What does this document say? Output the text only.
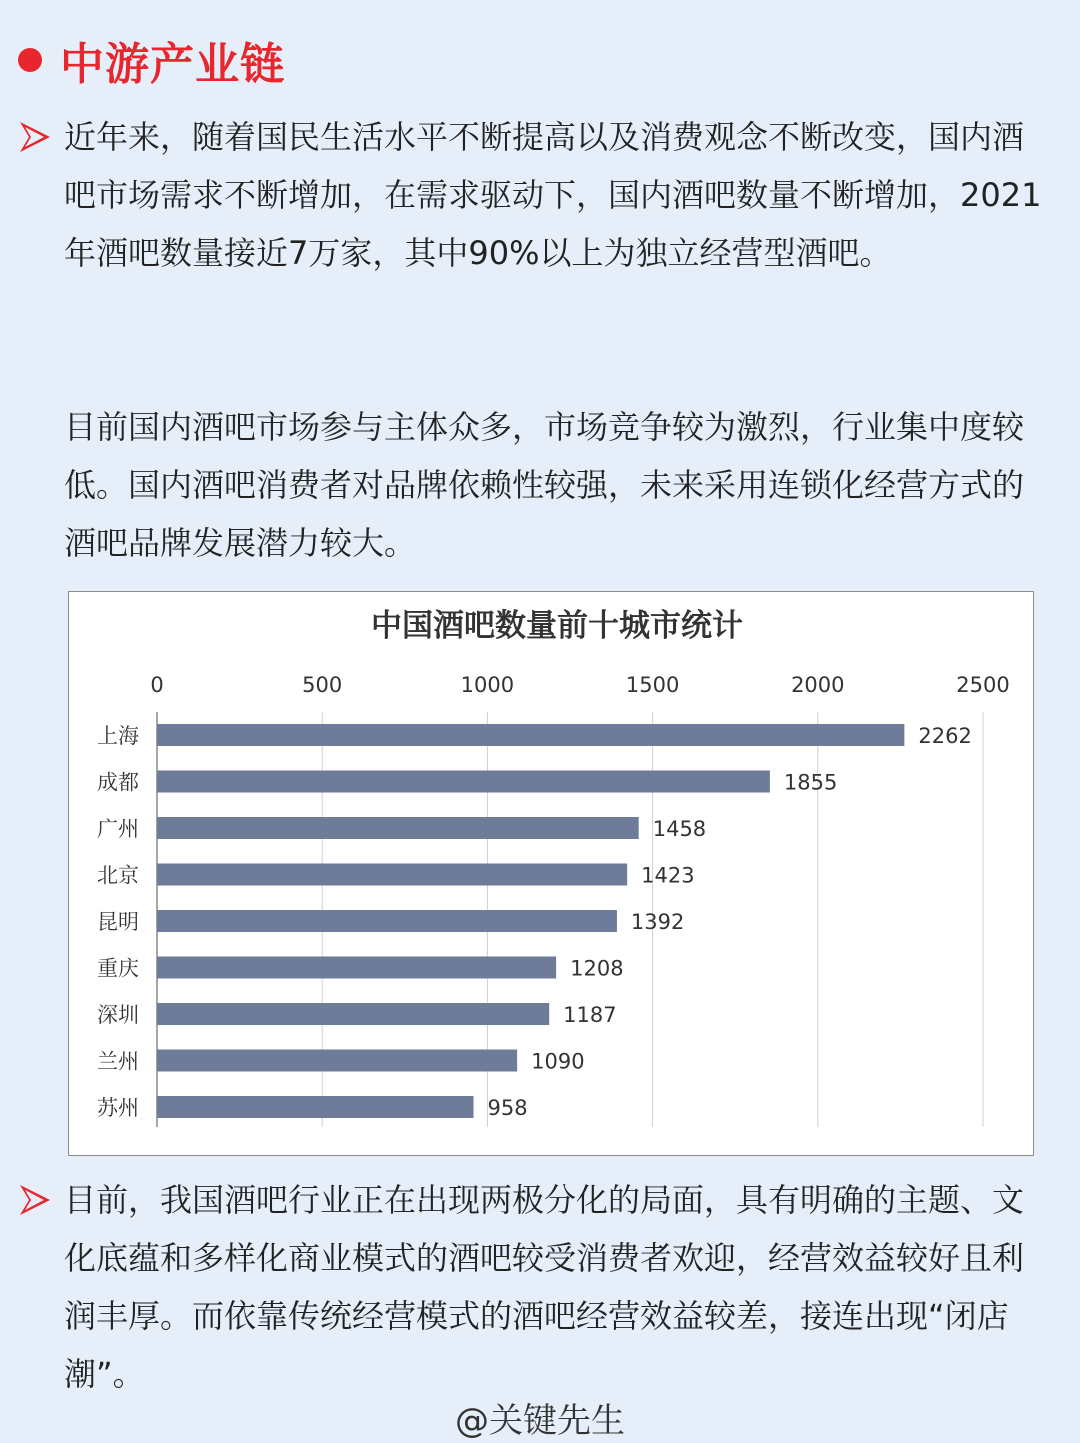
中游产业链

近年来，随着国民生活水平不断提高以及消费观念不断改变，国内酒吧市场需求不断增加，在需求驱动下，国内酒吧数量不断增加，2021年酒吧数量接近7万家，其中90%以上为独立经营型酒吧。

目前国内酒吧市场参与主体众多，市场竞争较为激烈，行业集中度较低。国内酒吧消费者对品牌依赖性较强，未来采用连锁化经营方式的酒吧品牌发展潜力较大。

中国酒吧数量前十城市统计
0	500	1000	1500	2000	2500
上海	2262
成都	1855
广州	1458
北京	1423
昆明	1392
重庆	1208
深圳	1187
兰州	1090
苏州	958

目前，我国酒吧行业正在出现两极分化的局面，具有明确的主题、文化底蕴和多样化商业模式的酒吧较受消费者欢迎，经营效益较好且利润丰厚。而依靠传统经营模式的酒吧经营效益较差，接连出现“闭店潮”。

@关键先生
